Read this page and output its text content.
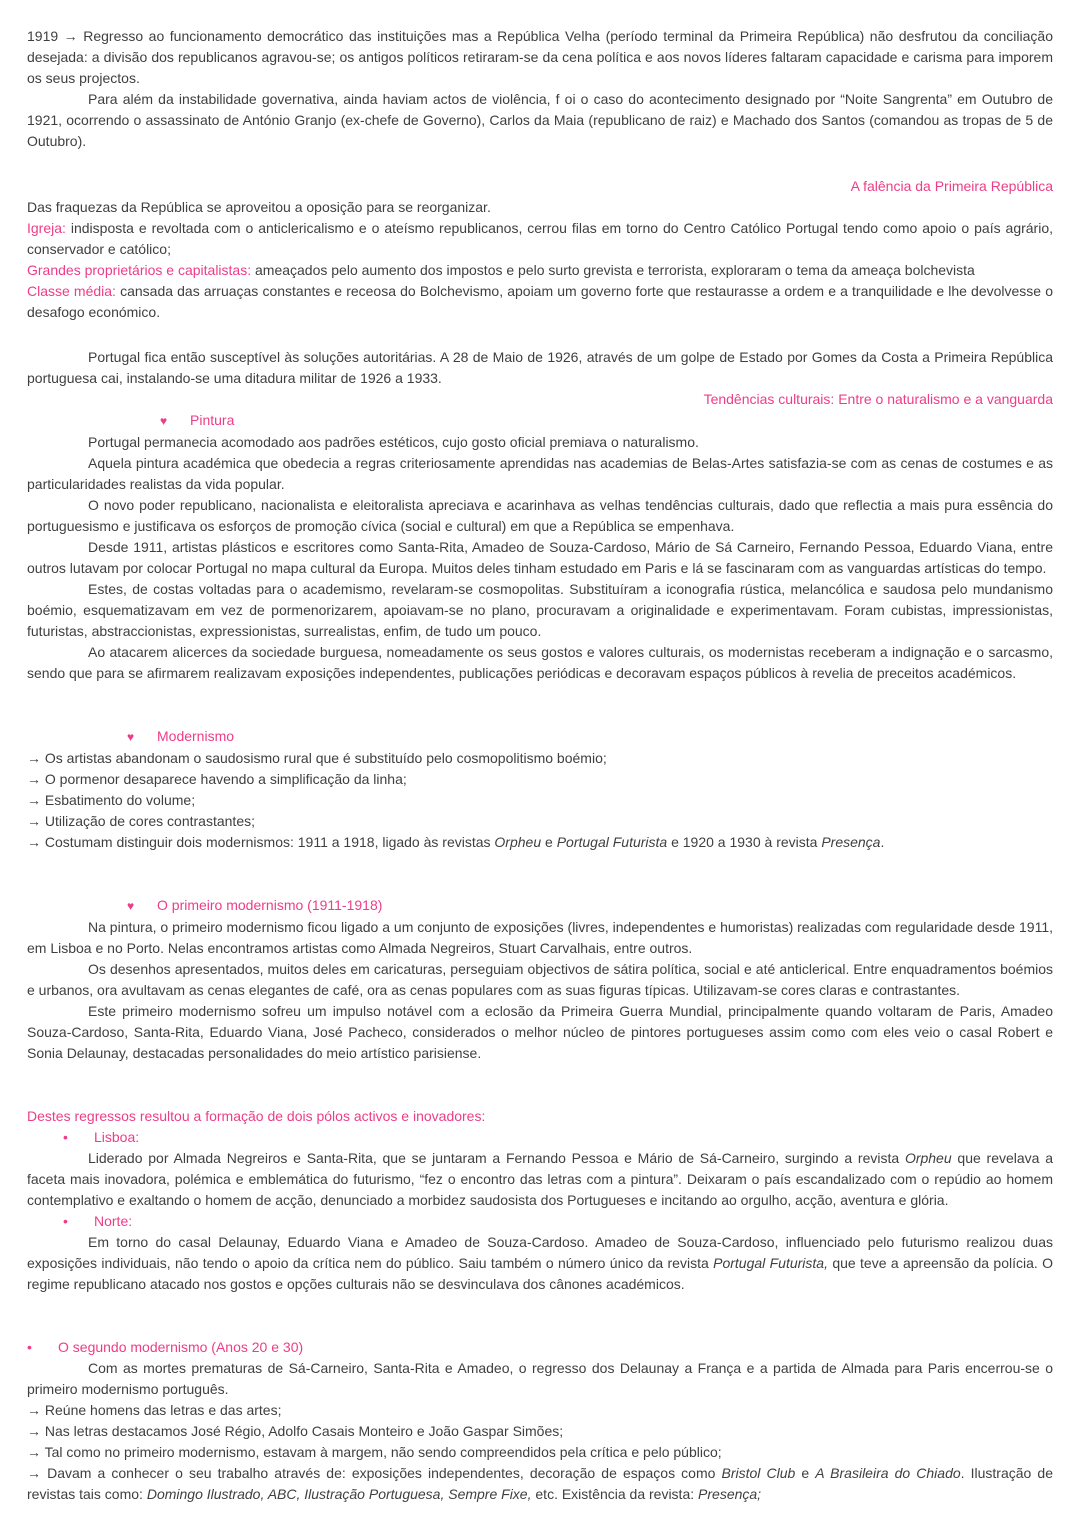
1919 → Regresso ao funcionamento democrático das instituições mas a República Velha (período terminal da Primeira República) não desfrutou da conciliação desejada: a divisão dos republicanos agravou-se; os antigos políticos retiraram-se da cena política e aos novos líderes faltaram capacidade e carisma para imporem os seus projectos.

Para além da instabilidade governativa, ainda haviam actos de violência, f oi o caso do acontecimento designado por “Noite Sangrenta” em Outubro de 1921, ocorrendo o assassinato de António Granjo (ex-chefe de Governo), Carlos da Maia (republicano de raiz) e Machado dos Santos (comandou as tropas de 5 de Outubro).

A falência da Primeira República

Das fraquezas da República se aproveitou a oposição para se reorganizar.

Igreja: indisposta e revoltada com o anticlericalismo e o ateísmo republicanos, cerrou filas em torno do Centro Católico Portugal tendo como apoio o país agrário, conservador e católico;

Grandes proprietários e capitalistas: ameaçados pelo aumento dos impostos e pelo surto grevista e terrorista, exploraram o tema da ameaça bolchevista

Classe média: cansada das arruaças constantes e receosa do Bolchevismo, apoiam um governo forte que restaurasse a ordem e a tranquilidade e lhe devolvesse o desafogo económico.

Portugal fica então susceptível às soluções autoritárias. A 28 de Maio de 1926, através de um golpe de Estado por Gomes da Costa a Primeira República portuguesa cai, instalando-se uma ditadura militar de 1926 a 1933.

Tendências culturais: Entre o naturalismo e a vanguarda

♥ Pintura

Portugal permanecia acomodado aos padrões estéticos, cujo gosto oficial premiava o naturalismo.

Aquela pintura académica que obedecia a regras criteriosamente aprendidas nas academias de Belas-Artes satisfazia-se com as cenas de costumes e as particularidades realistas da vida popular.

O novo poder republicano, nacionalista e eleitoralista apreciava e acarinhava as velhas tendências culturais, dado que reflectia a mais pura essência do portuguesismo e justificava os esforços de promoção cívica (social e cultural) em que a República se empenhava.

Desde 1911, artistas plásticos e escritores como Santa-Rita, Amadeo de Souza-Cardoso, Mário de Sá Carneiro, Fernando Pessoa, Eduardo Viana, entre outros lutavam por colocar Portugal no mapa cultural da Europa. Muitos deles tinham estudado em Paris e lá se fascinaram com as vanguardas artísticas do tempo.

Estes, de costas voltadas para o academismo, revelaram-se cosmopolitas. Substituíram a iconografia rústica, melancólica e saudosa pelo mundanismo boémio, esquematizavam em vez de pormenorizarem, apoiavam-se no plano, procuravam a originalidade e experimentavam. Foram cubistas, impressionistas, futuristas, abstraccionistas, expressionistas, surrealistas, enfim, de tudo um pouco.

Ao atacarem alicerces da sociedade burguesa, nomeadamente os seus gostos e valores culturais, os modernistas receberam a indignação e o sarcasmo, sendo que para se afirmarem realizavam exposições independentes, publicações periódicas e decoravam espaços públicos à revelia de preceitos académicos.

♥ Modernismo

→ Os artistas abandonam o saudosismo rural que é substituído pelo cosmopolitismo boémio;

→ O pormenor desaparece havendo a simplificação da linha;

→ Esbatimento do volume;

→ Utilização de cores contrastantes;

→ Costumam distinguir dois modernismos: 1911 a 1918, ligado às revistas Orpheu e Portugal Futurista e 1920 a 1930 à revista Presença.

♥ O primeiro modernismo (1911-1918)

Na pintura, o primeiro modernismo ficou ligado a um conjunto de exposições (livres, independentes e humoristas) realizadas com regularidade desde 1911, em Lisboa e no Porto. Nelas encontramos artistas como Almada Negreiros, Stuart Carvalhais, entre outros.

Os desenhos apresentados, muitos deles em caricaturas, perseguiam objectivos de sátira política, social e até anticlerical. Entre enquadramentos boémios e urbanos, ora avultavam as cenas elegantes de café, ora as cenas populares com as suas figuras típicas. Utilizavam-se cores claras e contrastantes.

Este primeiro modernismo sofreu um impulso notável com a eclosão da Primeira Guerra Mundial, principalmente quando voltaram de Paris, Amadeo Souza-Cardoso, Santa-Rita, Eduardo Viana, José Pacheco, considerados o melhor núcleo de pintores portugueses assim como com eles veio o casal Robert e Sonia Delaunay, destacadas personalidades do meio artístico parisiense.

Destes regressos resultou a formação de dois pólos activos e inovadores:

• Lisboa:

Liderado por Almada Negreiros e Santa-Rita, que se juntaram a Fernando Pessoa e Mário de Sá-Carneiro, surgindo a revista Orpheu que revelava a faceta mais inovadora, polémica e emblemática do futurismo, “fez o encontro das letras com a pintura”. Deixaram o país escandalizado com o repúdio ao homem contemplativo e exaltando o homem de acção, denunciado a morbidez saudosista dos Portugueses e incitando ao orgulho, acção, aventura e glória.

• Norte:

Em torno do casal Delaunay, Eduardo Viana e Amadeo de Souza-Cardoso. Amadeo de Souza-Cardoso, influenciado pelo futurismo realizou duas exposições individuais, não tendo o apoio da crítica nem do público. Saiu também o número único da revista Portugal Futurista, que teve a apreensão da polícia. O regime republicano atacado nos gostos e opções culturais não se desvinculava dos cânones académicos.

• O segundo modernismo (Anos 20 e 30)

Com as mortes prematuras de Sá-Carneiro, Santa-Rita e Amadeo, o regresso dos Delaunay a França e a partida de Almada para Paris encerrou-se o primeiro modernismo português.

→ Reúne homens das letras e das artes;

→ Nas letras destacamos José Régio, Adolfo Casais Monteiro e João Gaspar Simões;

→ Tal como no primeiro modernismo, estavam à margem, não sendo compreendidos pela crítica e pelo público;

→ Davam a conhecer o seu trabalho através de: exposições independentes, decoração de espaços como Bristol Club e A Brasileira do Chiado. Ilustração de revistas tais como: Domingo Ilustrado, ABC, Ilustração Portuguesa, Sempre Fixe, etc. Existência da revista: Presença;
